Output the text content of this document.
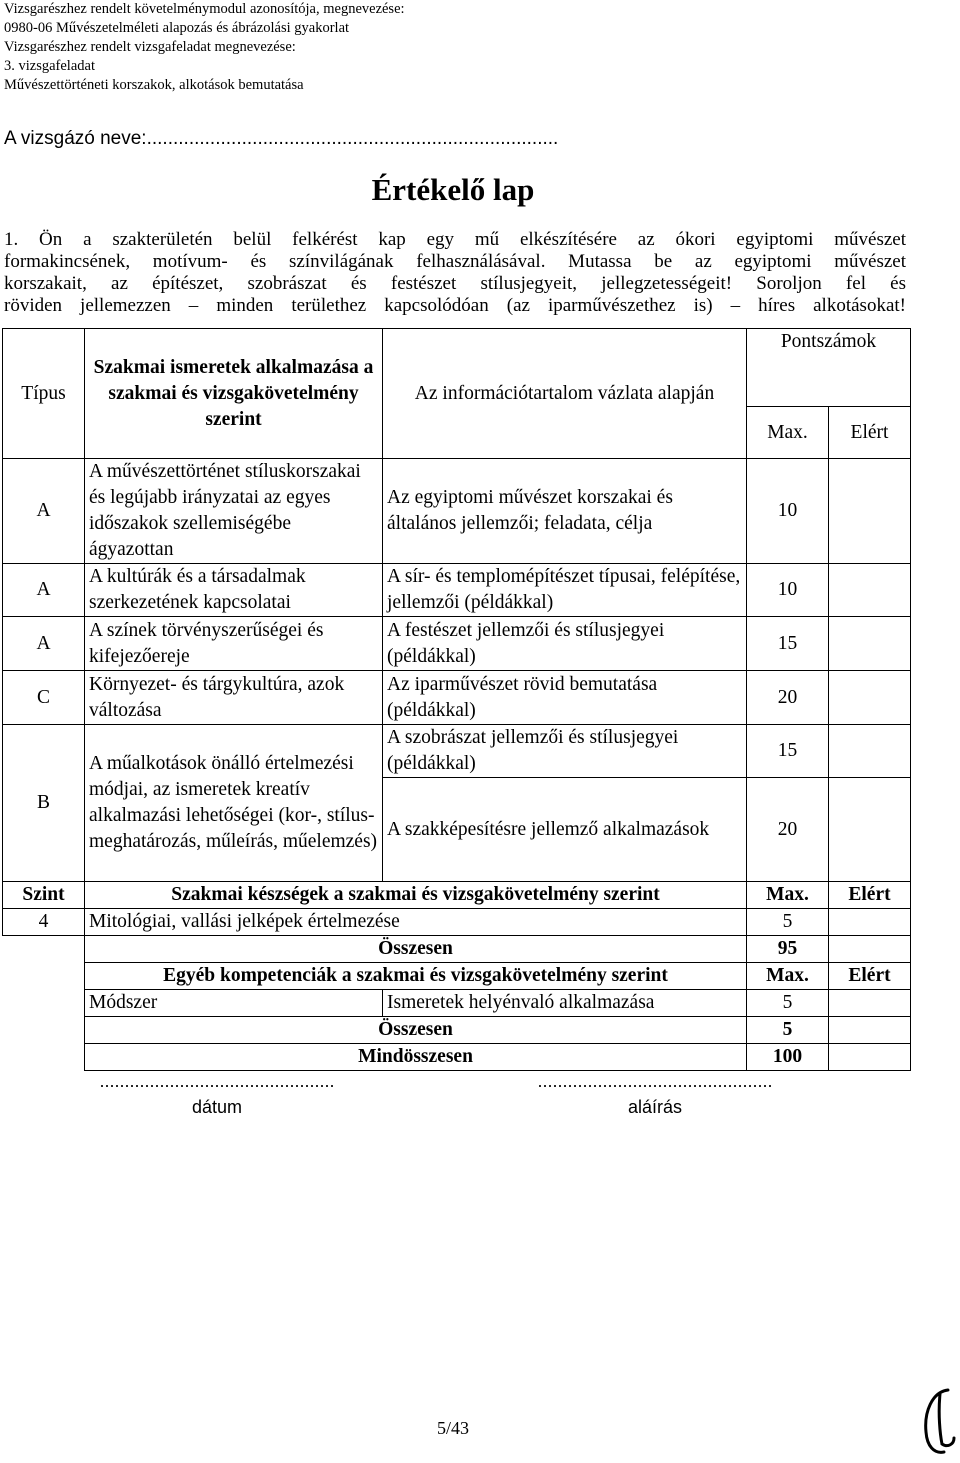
Vizsgarészhez rendelt követelménymodul azonosítója, megnevezése:
0980-06 Művészetelméleti alapozás és ábrázolási gyakorlat
Vizsgarészhez rendelt vizsgafeladat megnevezése:
3. vizsgafeladat
Művészettörténeti korszakok, alkotások bemutatása
A vizsgázó neve:..............................................................................
Értékelő lap
1. Ön a szakterületén belül felkérést kap egy mű elkészítésére az ókori egyiptomi művészet
formakincsének, motívum- és színvilágának felhasználásával. Mutassa be az egyiptomi művészet
korszakait, az építészet, szobrászat és festészet stílusjegyeit, jellegzetességeit! Soroljon fel és
röviden jellemezzen – minden területhez kapcsolódóan (az iparművészethez is) – híres alkotásokat!
Típus	Szakmai ismeretek alkalmazása a szakmai és vizsgakövetelmény szerint	Az információtartalom vázlata alapján	Pontszámok	
			Max.	Elért
A	A művészettörténet stíluskorszakai és legújabb irányzatai az egyes időszakok szellemiségébe ágyazottan	Az egyiptomi művészet korszakai és általános jellemzői; feladata, célja	10	
A	A kultúrák és a társadalmak szerkezetének kapcsolatai	A sír- és templomépítészet típusai, felépítése, jellemzői (példákkal)	10	
A	A színek törvényszerűségei és kifejezőereje	A festészet jellemzői és stílusjegyei (példákkal)	15	
C	Környezet- és tárgykultúra, azok változása	Az iparművészet rövid bemutatása (példákkal)	20	
B	A műalkotások önálló értelmezési módjai, az ismeretek kreatív alkalmazási lehetőségei (kor-, stílus-meghatározás, műleírás, műelemzés)	A szobrászat jellemzői és stílusjegyei (példákkal)	15	
		A szakképesítésre jellemző alkalmazások	20	
Szint	Szakmai készségek a szakmai és vizsgakövetelmény szerint		Max.	Elért
4	Mitológiai, vallási jelképek értelmezése		5	
	Összesen		95	
	Egyéb kompetenciák a szakmai és vizsgakövetelmény szerint		Max.	Elért
	Módszer	Ismeretek helyénvaló alkalmazása	5	
	Összesen		5	
	Mindösszesen		100	
...............................................
dátum
...............................................
aláírás
5/43
